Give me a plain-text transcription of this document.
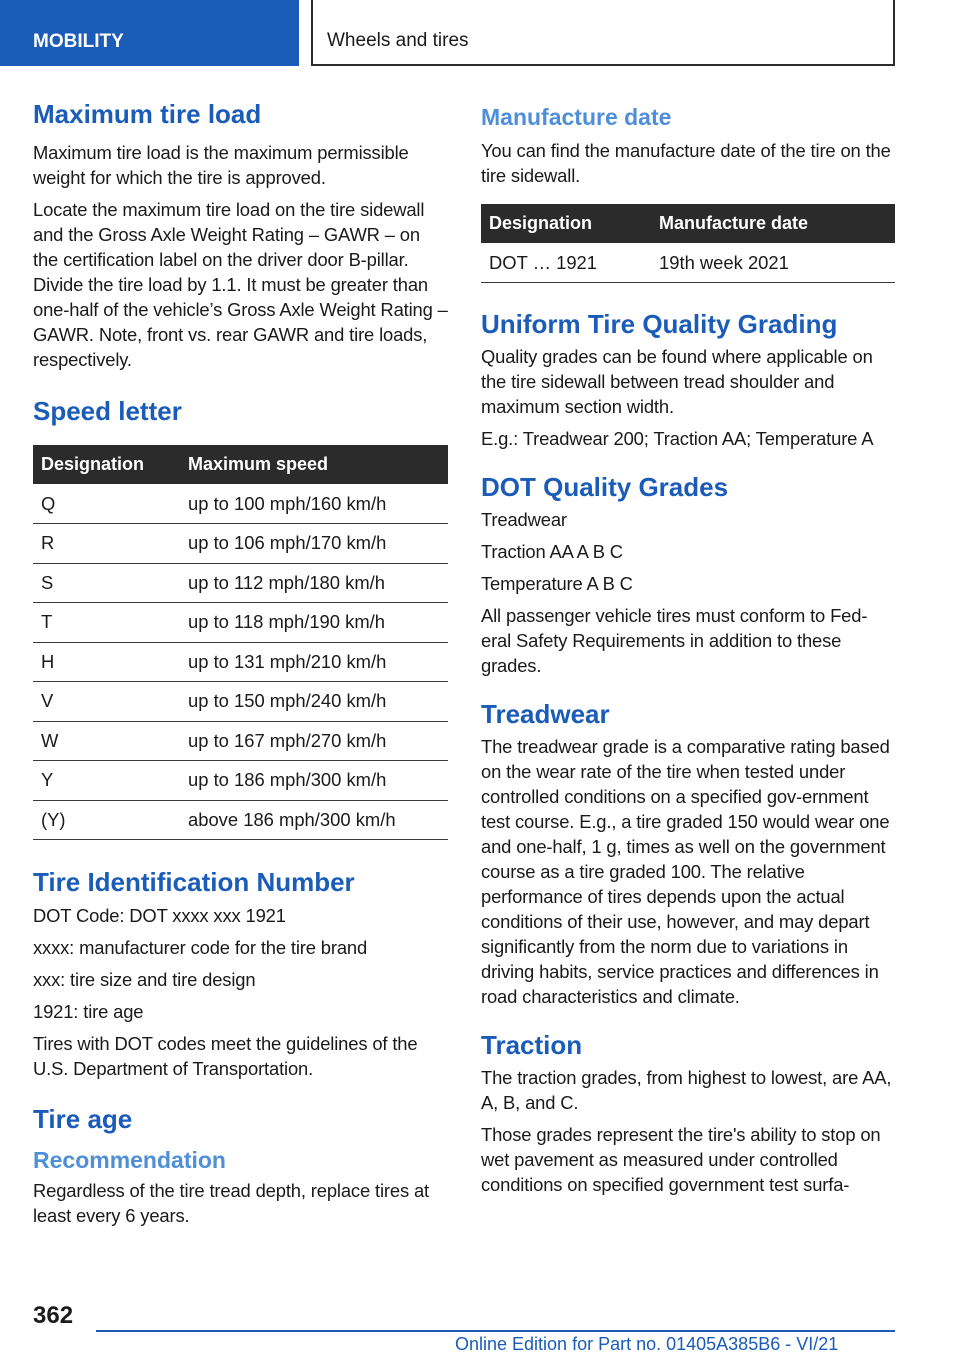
MOBILITY	Wheels and tires
Maximum tire load

Maximum tire load is the maximum permissible weight for which the tire is approved.

Locate the maximum tire load on the tire sidewall and the Gross Axle Weight Rating – GAWR – on the certification label on the driver door B-pillar. Divide the tire load by 1.1. It must be greater than one-half of the vehicle’s Gross Axle Weight Rating – GAWR. Note, front vs. rear GAWR and tire loads, respectively.

Speed letter
Designation	Maximum speed
Q	up to 100 mph/160 km/h
R	up to 106 mph/170 km/h
S	up to 112 mph/180 km/h
T	up to 118 mph/190 km/h
H	up to 131 mph/210 km/h
V	up to 150 mph/240 km/h
W	up to 167 mph/270 km/h
Y	up to 186 mph/300 km/h
(Y)	above 186 mph/300 km/h
Tire Identification Number

DOT Code: DOT xxxx xxx 1921

xxxx: manufacturer code for the tire brand

xxx: tire size and tire design

1921: tire age

Tires with DOT codes meet the guidelines of the U.S. Department of Transportation.

Tire age
Recommendation

Regardless of the tire tread depth, replace tires at least every 6 years.

Manufacture date

You can find the manufacture date of the tire on the tire sidewall.

Designation	Manufacture date
DOT … 1921	19th week 2021
Uniform Tire Quality Grading

Quality grades can be found where applicable on the tire sidewall between tread shoulder and maximum section width.

E.g.: Treadwear 200; Traction AA; Temperature A

DOT Quality Grades

Treadwear

Traction AA A B C

Temperature A B C

All passenger vehicle tires must conform to Fed-eral Safety Requirements in addition to these grades.

Treadwear

The treadwear grade is a comparative rating based on the wear rate of the tire when tested under controlled conditions on a specified gov-ernment test course. E.g., a tire graded 150 would wear one and one-half, 1 g, times as well on the government course as a tire graded 100. The relative performance of tires depends upon the actual conditions of their use, however, and may depart significantly from the norm due to variations in driving habits, service practices and differences in road characteristics and climate.

Traction

The traction grades, from highest to lowest, are AA, A, B, and C.

Those grades represent the tire's ability to stop on wet pavement as measured under controlled conditions on specified government test surfa-

362
Online Edition for Part no. 01405A385B6 - VI/21
